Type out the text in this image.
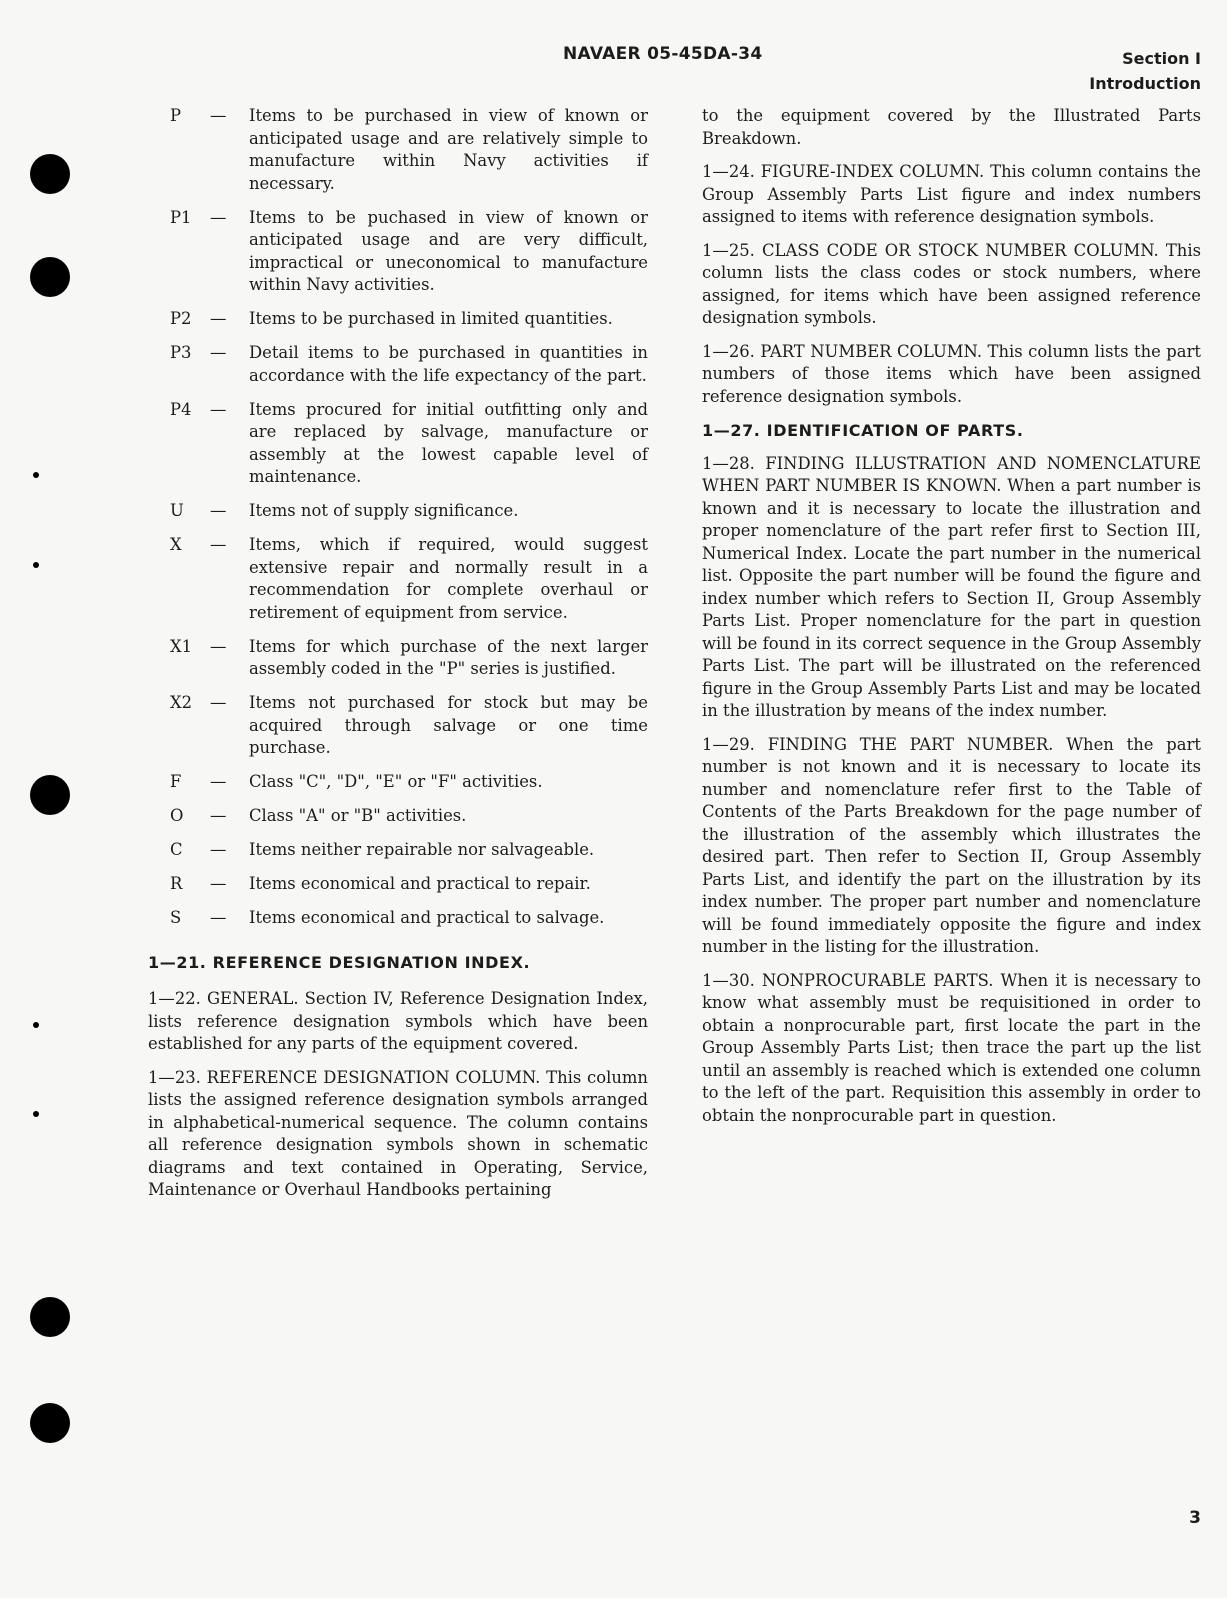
NAVAER 05-45DA-34	Section I
Introduction
P	—	Items to be purchased in view of known or anticipated usage and are relatively simple to manufacture within Navy activities if necessary.
P1	—	Items to be puchased in view of known or anticipated usage and are very difficult, impractical or uneconomical to manufacture within Navy activities.
P2	—	Items to be purchased in limited quantities.
P3	—	Detail items to be purchased in quantities in accordance with the life expectancy of the part.
P4	—	Items procured for initial outfitting only and are replaced by salvage, manufacture or assembly at the lowest capable level of maintenance.
U	—	Items not of supply significance.
X	—	Items, which if required, would suggest extensive repair and normally result in a recommendation for complete overhaul or retirement of equipment from service.
X1	—	Items for which purchase of the next larger assembly coded in the "P" series is justified.
X2	—	Items not purchased for stock but may be acquired through salvage or one time purchase.
F	—	Class "C", "D", "E" or "F" activities.
O	—	Class "A" or "B" activities.
C	—	Items neither repairable nor salvageable.
R	—	Items economical and practical to repair.
S	—	Items economical and practical to salvage.
1—21. REFERENCE DESIGNATION INDEX.

1—22. GENERAL. Section IV, Reference Designation Index, lists reference designation symbols which have been established for any parts of the equipment covered.

1—23. REFERENCE DESIGNATION COLUMN. This column lists the assigned reference designation symbols arranged in alphabetical-numerical sequence. The column contains all reference designation symbols shown in schematic diagrams and text contained in Operating, Service, Maintenance or Overhaul Handbooks pertaining

to the equipment covered by the Illustrated Parts Breakdown.

1—24. FIGURE-INDEX COLUMN. This column contains the Group Assembly Parts List figure and index numbers assigned to items with reference designation symbols.

1—25. CLASS CODE OR STOCK NUMBER COLUMN. This column lists the class codes or stock numbers, where assigned, for items which have been assigned reference designation symbols.

1—26. PART NUMBER COLUMN. This column lists the part numbers of those items which have been assigned reference designation symbols.

1—27. IDENTIFICATION OF PARTS.

1—28. FINDING ILLUSTRATION AND NOMENCLATURE WHEN PART NUMBER IS KNOWN. When a part number is known and it is necessary to locate the illustration and proper nomenclature of the part refer first to Section III, Numerical Index. Locate the part number in the numerical list. Opposite the part number will be found the figure and index number which refers to Section II, Group Assembly Parts List. Proper nomenclature for the part in question will be found in its correct sequence in the Group Assembly Parts List. The part will be illustrated on the referenced figure in the Group Assembly Parts List and may be located in the illustration by means of the index number.

1—29. FINDING THE PART NUMBER. When the part number is not known and it is necessary to locate its number and nomenclature refer first to the Table of Contents of the Parts Breakdown for the page number of the illustration of the assembly which illustrates the desired part. Then refer to Section II, Group Assembly Parts List, and identify the part on the illustration by its index number. The proper part number and nomenclature will be found immediately opposite the figure and index number in the listing for the illustration.

1—30. NONPROCURABLE PARTS. When it is necessary to know what assembly must be requisitioned in order to obtain a nonprocurable part, first locate the part in the Group Assembly Parts List; then trace the part up the list until an assembly is reached which is extended one column to the left of the part. Requisition this assembly in order to obtain the nonprocurable part in question.

3
